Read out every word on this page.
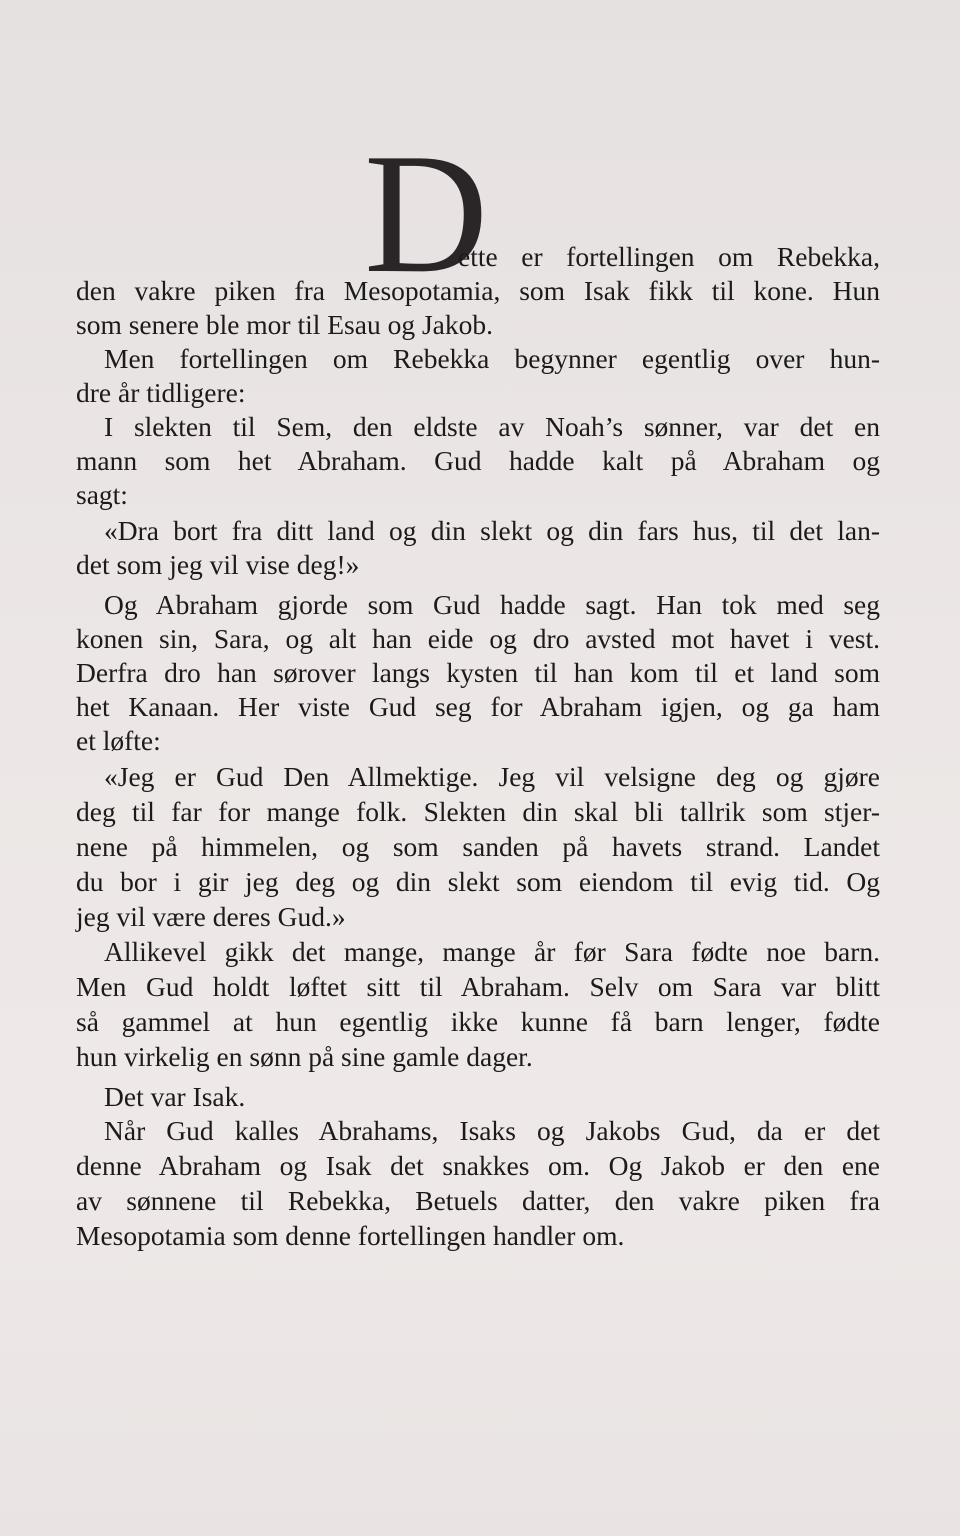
D
ette er fortellingen om Rebekka,
den vakre piken fra Mesopotamia, som Isak fikk til kone. Hun
som senere ble mor til Esau og Jakob.
Men fortellingen om Rebekka begynner egentlig over hun-
dre år tidligere:
I slekten til Sem, den eldste av Noah’s sønner, var det en
mann som het Abraham. Gud hadde kalt på Abraham og
sagt:
«Dra bort fra ditt land og din slekt og din fars hus, til det lan-
det som jeg vil vise deg!»
Og Abraham gjorde som Gud hadde sagt. Han tok med seg
konen sin, Sara, og alt han eide og dro avsted mot havet i vest.
Derfra dro han sørover langs kysten til han kom til et land som
het Kanaan. Her viste Gud seg for Abraham igjen, og ga ham
et løfte:
«Jeg er Gud Den Allmektige. Jeg vil velsigne deg og gjøre
deg til far for mange folk. Slekten din skal bli tallrik som stjer-
nene på himmelen, og som sanden på havets strand. Landet
du bor i gir jeg deg og din slekt som eiendom til evig tid. Og
jeg vil være deres Gud.»
Allikevel gikk det mange, mange år før Sara fødte noe barn.
Men Gud holdt løftet sitt til Abraham. Selv om Sara var blitt
så gammel at hun egentlig ikke kunne få barn lenger, fødte
hun virkelig en sønn på sine gamle dager.
Det var Isak.
Når Gud kalles Abrahams, Isaks og Jakobs Gud, da er det
denne Abraham og Isak det snakkes om. Og Jakob er den ene
av sønnene til Rebekka, Betuels datter, den vakre piken fra
Mesopotamia som denne fortellingen handler om.
